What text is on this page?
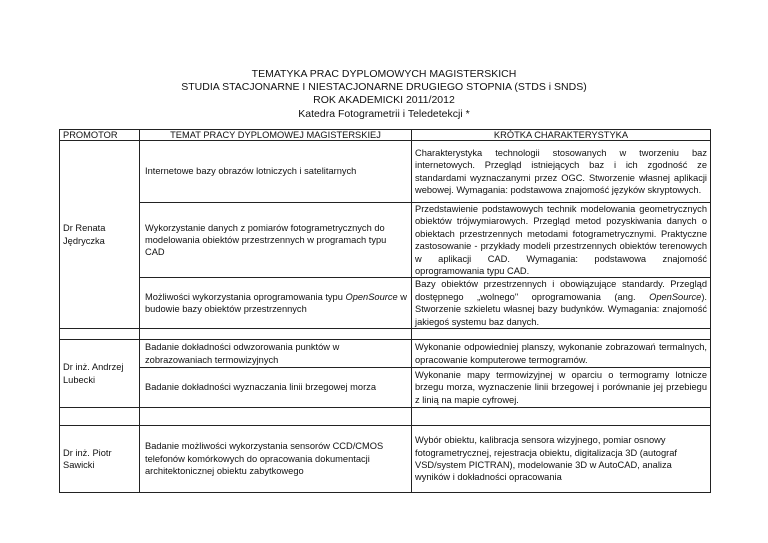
TEMATYKA PRAC DYPLOMOWYCH MAGISTERSKICH
STUDIA STACJONARNE I NIESTACJONARNE DRUGIEGO STOPNIA (STDS i SNDS)
ROK AKADEMICKI 2011/2012
Katedra Fotogrametrii i Teledetekcji *
PROMOTOR	TEMAT PRACY DYPLOMOWEJ MAGISTERSKIEJ	KRÓTKA CHARAKTERYSTYKA
Dr Renata Jędryczka	Internetowe bazy obrazów lotniczych i satelitarnych	Charakterystyka technologii stosowanych w tworzeniu baz internetowych. Przegląd istniejących baz i ich zgodność ze standardami wyznaczanymi przez OGC. Stworzenie własnej aplikacji webowej. Wymagania: podstawowa znajomość języków skryptowych.
	Wykorzystanie danych z pomiarów fotogrametrycznych do modelowania obiektów przestrzennych w programach typu CAD	Przedstawienie podstawowych technik modelowania geometrycznych obiektów trójwymiarowych. Przegląd metod pozyskiwania danych o obiektach przestrzennych metodami fotogrametrycznymi. Praktyczne zastosowanie - przykłady modeli przestrzennych obiektów terenowych w aplikacji CAD. Wymagania: podstawowa znajomość oprogramowania typu CAD.
	Możliwości wykorzystania oprogramowania typu OpenSource w budowie bazy obiektów przestrzennych	Bazy obiektów przestrzennych i obowiązujące standardy. Przegląd dostępnego „wolnego" oprogramowania (ang. OpenSource). Stworzenie szkieletu własnej bazy budynków. Wymagania: znajomość jakiegoś systemu baz danych.

Dr inż. Andrzej Lubecki	Badanie dokładności odwzorowania punktów w zobrazowaniach termowizyjnych	Wykonanie odpowiedniej planszy, wykonanie zobrazowań termalnych, opracowanie komputerowe termogramów.
	Badanie dokładności wyznaczania linii brzegowej morza	Wykonanie mapy termowizyjnej w oparciu o termogramy lotnicze brzegu morza, wyznaczenie linii brzegowej i porównanie jej przebiegu z linią na mapie cyfrowej.

Dr inż. Piotr Sawicki	Badanie możliwości wykorzystania sensorów CCD/CMOS telefonów komórkowych do opracowania dokumentacji architektonicznej obiektu zabytkowego	Wybór obiektu, kalibracja sensora wizyjnego, pomiar osnowy fotogrametrycznej, rejestracja obiektu, digitalizacja 3D (autograf VSD/system PICTRAN), modelowanie 3D w AutoCAD, analiza wyników i dokładności opracowania
